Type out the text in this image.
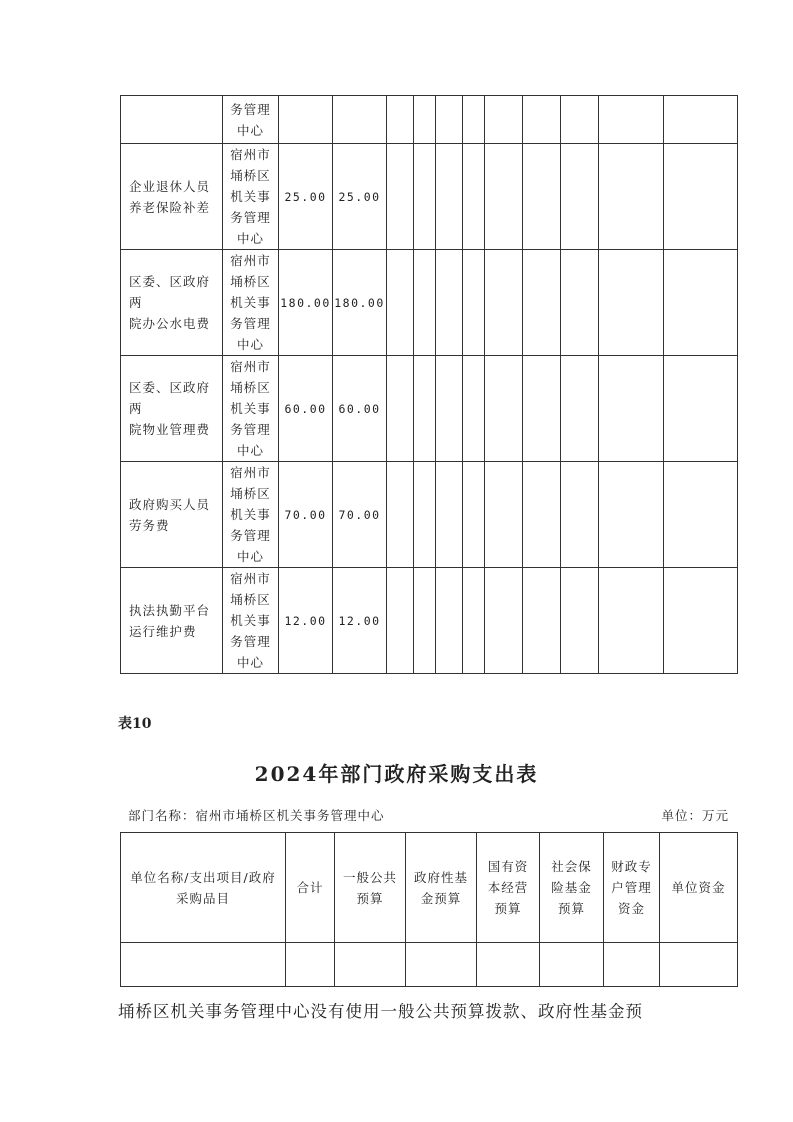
	务管理
中心											
企业退休人员
养老保险补差	宿州市
埇桥区
机关事
务管理
中心	25.00	25.00									
区委、区政府两
院办公水电费	宿州市
埇桥区
机关事
务管理
中心	180.00	180.00									
区委、区政府两
院物业管理费	宿州市
埇桥区
机关事
务管理
中心	60.00	60.00									
政府购买人员
劳务费	宿州市
埇桥区
机关事
务管理
中心	70.00	70.00									
执法执勤平台
运行维护费	宿州市
埇桥区
机关事
务管理
中心	12.00	12.00									
表10
2024年部门政府采购支出表
部门名称：宿州市埇桥区机关事务管理中心	单位：万元
单位名称/支出项目/政府
采购品目	合计	一般公共
预算	政府性基
金预算	国有资
本经营
预算	社会保
险基金
预算	财政专
户管理
资金	单位资金

埇桥区机关事务管理中心没有使用一般公共预算拨款、政府性基金预
